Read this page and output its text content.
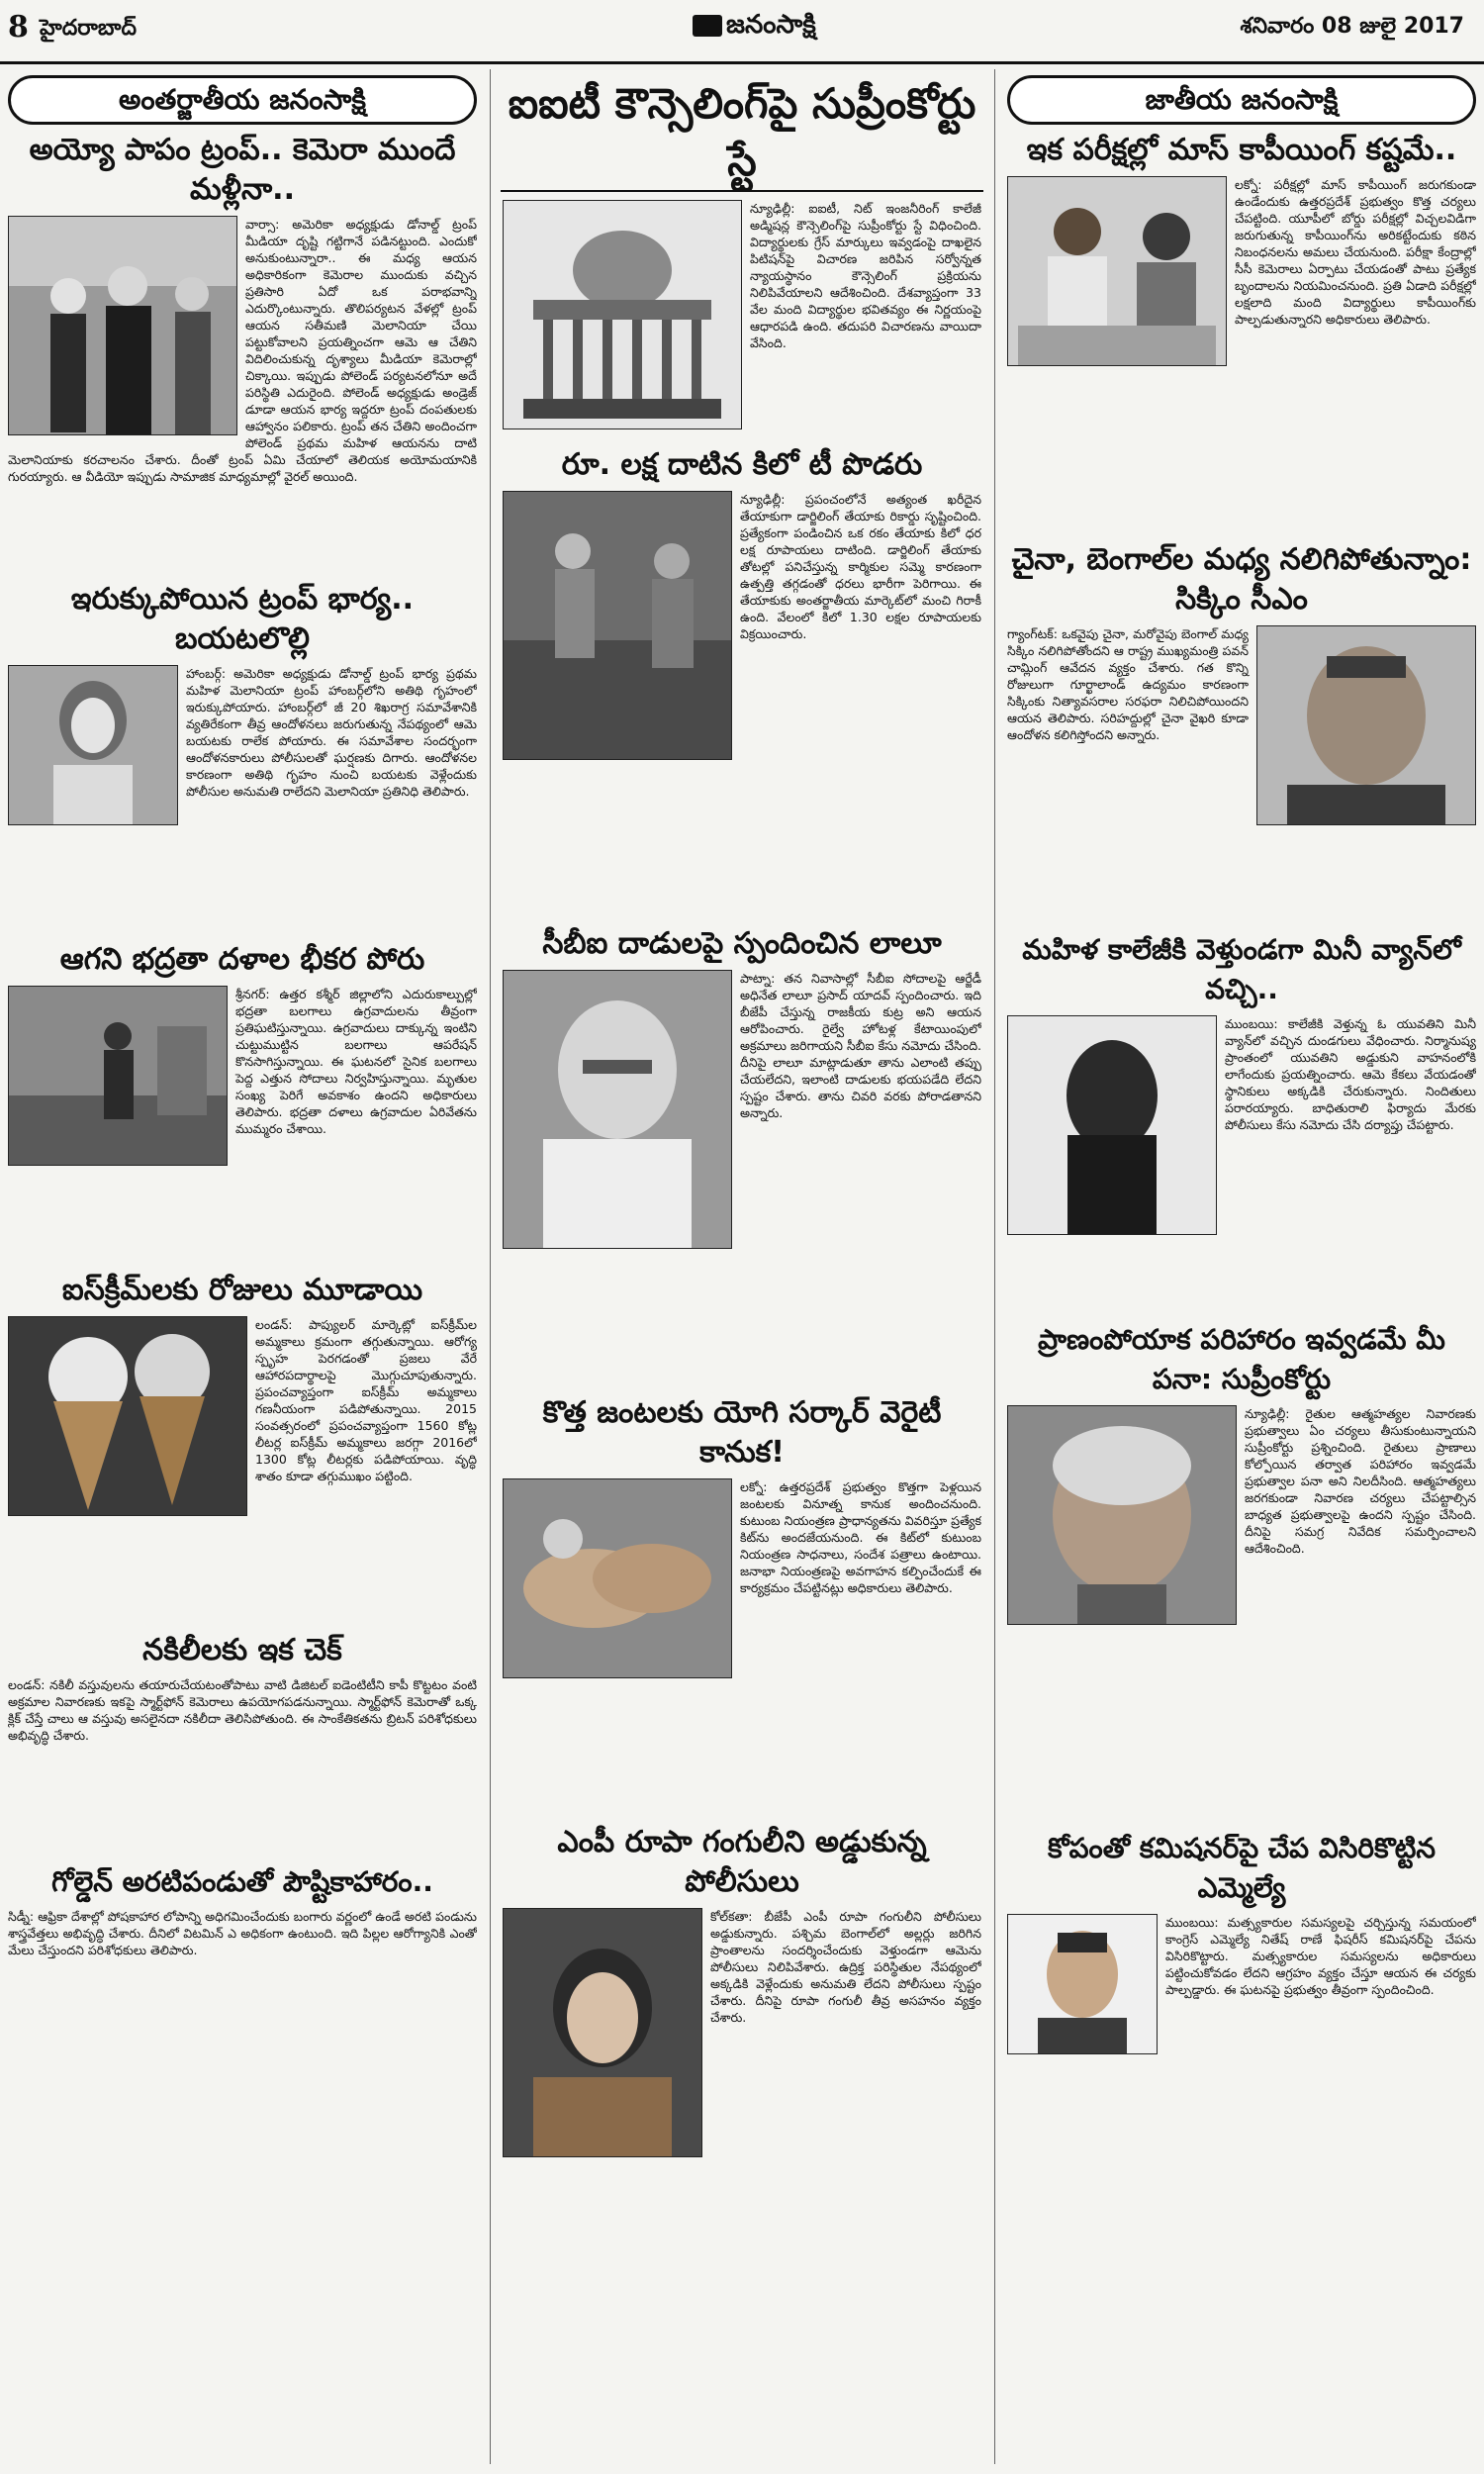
8 హైదరాబాద్	జనంసాక్షి	శనివారం 08 జులై 2017
అంతర్జాతీయ జనంసాక్షి
అయ్యో పాపం ట్రంప్.. కెమెరా ముందే మళ్లీనా..

వార్సా: అమెరికా అధ్యక్షుడు డోనాల్డ్ ట్రంప్ మీడియా దృష్టి గట్టిగానే పడినట్టుంది. ఎందుకో అనుకుంటున్నారా.. ఈ మధ్య ఆయన అధికారికంగా కెమెరాల ముందుకు వచ్చిన ప్రతిసారి ఏదో ఒక పరాభవాన్ని ఎదుర్కొంటున్నారు. తొలిపర్యటన వేళల్లో ట్రంప్ ఆయన సతీమణి మెలానియా చేయి పట్టుకోవాలని ప్రయత్నించగా ఆమె ఆ చేతిని విదిలించుకున్న దృశ్యాలు మీడియా కెమెరాల్లో చిక్కాయి. ఇప్పుడు పోలెండ్ పర్యటనలోనూ అదే పరిస్థితి ఎదురైంది. పోలెండ్ అధ్యక్షుడు అండ్రెజ్ డూడా ఆయన భార్య ఇద్దరూ ట్రంప్ దంపతులకు ఆహ్వానం పలికారు. ట్రంప్ తన చేతిని అందించగా పోలెండ్ ప్రథమ మహిళ ఆయనను దాటి మెలానియాకు కరచాలనం చేశారు. దీంతో ట్రంప్ ఏమి చేయాలో తెలియక అయోమయానికి గురయ్యారు. ఆ వీడియో ఇప్పుడు సామాజిక మాధ్యమాల్లో వైరల్ అయింది.

ఇరుక్కుపోయిన ట్రంప్ భార్య.. బయటలొల్లి

హాంబర్గ్: అమెరికా అధ్యక్షుడు డోనాల్డ్ ట్రంప్ భార్య ప్రథమ మహిళ మెలానియా ట్రంప్ హాంబర్గ్‌లోని అతిథి గృహంలో ఇరుక్కుపోయారు. హాంబర్గ్‌లో జీ 20 శిఖరాగ్ర సమావేశానికి వ్యతిరేకంగా తీవ్ర ఆందోళనలు జరుగుతున్న నేపథ్యంలో ఆమె బయటకు రాలేక పోయారు. ఈ సమావేశాల సందర్భంగా ఆందోళనకారులు పోలీసులతో ఘర్షణకు దిగారు. ఆందోళనల కారణంగా అతిథి గృహం నుంచి బయటకు వెళ్లేందుకు పోలీసుల అనుమతి రాలేదని మెలానియా ప్రతినిధి తెలిపారు.

ఆగని భద్రతా దళాల భీకర పోరు

శ్రీనగర్: ఉత్తర కశ్మీర్ జిల్లాలోని ఎదురుకాల్పుల్లో భద్రతా బలగాలు ఉగ్రవాదులను తీవ్రంగా ప్రతిఘటిస్తున్నాయి. ఉగ్రవాదులు దాక్కున్న ఇంటిని చుట్టుముట్టిన బలగాలు ఆపరేషన్ కొనసాగిస్తున్నాయి. ఈ ఘటనలో సైనిక బలగాలు పెద్ద ఎత్తున సోదాలు నిర్వహిస్తున్నాయి. మృతుల సంఖ్య పెరిగే అవకాశం ఉందని అధికారులు తెలిపారు. భద్రతా దళాలు ఉగ్రవాదుల ఏరివేతను ముమ్మరం చేశాయి.

ఐస్‌క్రీమ్‌లకు రోజులు మూడాయి

లండన్: పాప్యులర్ మార్కెట్లో ఐస్‌క్రీమ్‌ల అమ్మకాలు క్రమంగా తగ్గుతున్నాయి. ఆరోగ్య స్పృహ పెరగడంతో ప్రజలు వేరే ఆహారపదార్థాలపై మొగ్గుచూపుతున్నారు. ప్రపంచవ్యాప్తంగా ఐస్‌క్రీమ్ అమ్మకాలు గణనీయంగా పడిపోతున్నాయి. 2015 సంవత్సరంలో ప్రపంచవ్యాప్తంగా 1560 కోట్ల లీటర్ల ఐస్‌క్రీమ్ అమ్మకాలు జరగ్గా 2016లో 1300 కోట్ల లీటర్లకు పడిపోయాయి. వృద్ధి శాతం కూడా తగ్గుముఖం పట్టింది.

నకిలీలకు ఇక చెక్

లండన్: నకిలీ వస్తువులను తయారుచేయటంతోపాటు వాటి డిజిటల్ ఐడెంటిటీని కాపీ కొట్టటం వంటి అక్రమాల నివారణకు ఇకపై స్మార్ట్‌ఫోన్ కెమెరాలు ఉపయోగపడనున్నాయి. స్మార్ట్‌ఫోన్ కెమెరాతో ఒక్క క్లిక్ చేస్తే చాలు ఆ వస్తువు అసలైనదా నకిలీదా తెలిసిపోతుంది. ఈ సాంకేతికతను బ్రిటన్ పరిశోధకులు అభివృద్ధి చేశారు.

గోల్డెన్ అరటిపండుతో పౌష్టికాహారం..

సిడ్నీ: ఆఫ్రికా దేశాల్లో పోషకాహార లోపాన్ని అధిగమించేందుకు బంగారు వర్ణంలో ఉండే అరటి పండును శాస్త్రవేత్తలు అభివృద్ధి చేశారు. దీనిలో విటమిన్ ఎ అధికంగా ఉంటుంది. ఇది పిల్లల ఆరోగ్యానికి ఎంతో మేలు చేస్తుందని పరిశోధకులు తెలిపారు.

ఐఐటీ కౌన్సెలింగ్‌పై సుప్రీంకోర్టు స్టే

న్యూఢిల్లీ: ఐఐటీ, నిట్ ఇంజనీరింగ్ కాలేజీ అడ్మిషన్ల కౌన్సెలింగ్‌పై సుప్రీంకోర్టు స్టే విధించింది. విద్యార్థులకు గ్రేస్ మార్కులు ఇవ్వడంపై దాఖలైన పిటిషన్‌పై విచారణ జరిపిన సర్వోన్నత న్యాయస్థానం కౌన్సెలింగ్ ప్రక్రియను నిలిపివేయాలని ఆదేశించింది. దేశవ్యాప్తంగా 33 వేల మంది విద్యార్థుల భవితవ్యం ఈ నిర్ణయంపై ఆధారపడి ఉంది. తదుపరి విచారణను వాయిదా వేసింది.

రూ. లక్ష దాటిన కిలో టీ పొడరు

న్యూఢిల్లీ: ప్రపంచంలోనే అత్యంత ఖరీదైన తేయాకుగా డార్జిలింగ్ తేయాకు రికార్డు సృష్టించింది. ప్రత్యేకంగా పండించిన ఒక రకం తేయాకు కిలో ధర లక్ష రూపాయలు దాటింది. డార్జిలింగ్ తేయాకు తోటల్లో పనిచేస్తున్న కార్మికుల సమ్మె కారణంగా ఉత్పత్తి తగ్గడంతో ధరలు భారీగా పెరిగాయి. ఈ తేయాకుకు అంతర్జాతీయ మార్కెట్‌లో మంచి గిరాకీ ఉంది. వేలంలో కిలో 1.30 లక్షల రూపాయలకు విక్రయించారు.

సీబీఐ దాడులపై స్పందించిన లాలూ

పాట్నా: తన నివాసాల్లో సీబీఐ సోదాలపై ఆర్జేడీ అధినేత లాలూ ప్రసాద్ యాదవ్ స్పందించారు. ఇది బీజేపీ చేస్తున్న రాజకీయ కుట్ర అని ఆయన ఆరోపించారు. రైల్వే హోటళ్ల కేటాయింపులో అక్రమాలు జరిగాయని సీబీఐ కేసు నమోదు చేసింది. దీనిపై లాలూ మాట్లాడుతూ తాను ఎలాంటి తప్పు చేయలేదని, ఇలాంటి దాడులకు భయపడేది లేదని స్పష్టం చేశారు. తాను చివరి వరకు పోరాడతానని అన్నారు.

కొత్త జంటలకు యోగి సర్కార్ వెరైటీ కానుక!

లక్నో: ఉత్తరప్రదేశ్ ప్రభుత్వం కొత్తగా పెళ్లయిన జంటలకు వినూత్న కానుక అందించనుంది. కుటుంబ నియంత్రణ ప్రాధాన్యతను వివరిస్తూ ప్రత్యేక కిట్‌ను అందజేయనుంది. ఈ కిట్‌లో కుటుంబ నియంత్రణ సాధనాలు, సందేశ పత్రాలు ఉంటాయి. జనాభా నియంత్రణపై అవగాహన కల్పించేందుకే ఈ కార్యక్రమం చేపట్టినట్లు అధికారులు తెలిపారు.

ఎంపీ రూపా గంగులీని అడ్డుకున్న పోలీసులు

కోల్‌కతా: బీజేపీ ఎంపీ రూపా గంగులీని పోలీసులు అడ్డుకున్నారు. పశ్చిమ బెంగాల్‌లో అల్లర్లు జరిగిన ప్రాంతాలను సందర్శించేందుకు వెళ్తుండగా ఆమెను పోలీసులు నిలిపివేశారు. ఉద్రిక్త పరిస్థితుల నేపథ్యంలో అక్కడికి వెళ్లేందుకు అనుమతి లేదని పోలీసులు స్పష్టం చేశారు. దీనిపై రూపా గంగులీ తీవ్ర అసహనం వ్యక్తం చేశారు.

జాతీయ జనంసాక్షి
ఇక పరీక్షల్లో మాస్ కాపీయింగ్ కష్టమే..

లక్నో: పరీక్షల్లో మాస్ కాపీయింగ్ జరుగకుండా ఉండేందుకు ఉత్తరప్రదేశ్ ప్రభుత్వం కొత్త చర్యలు చేపట్టింది. యూపీలో బోర్డు పరీక్షల్లో విచ్చలవిడిగా జరుగుతున్న కాపీయింగ్‌ను అరికట్టేందుకు కఠిన నిబంధనలను అమలు చేయనుంది. పరీక్షా కేంద్రాల్లో సీసీ కెమెరాలు ఏర్పాటు చేయడంతో పాటు ప్రత్యేక బృందాలను నియమించనుంది. ప్రతి ఏడాది పరీక్షల్లో లక్షలాది మంది విద్యార్థులు కాపీయింగ్‌కు పాల్పడుతున్నారని అధికారులు తెలిపారు.

చైనా, బెంగాల్‌ల మధ్య నలిగిపోతున్నాం: సిక్కిం సీఎం

గ్యాంగ్‌టక్: ఒకవైపు చైనా, మరోవైపు బెంగాల్ మధ్య సిక్కిం నలిగిపోతోందని ఆ రాష్ట్ర ముఖ్యమంత్రి పవన్ చామ్లింగ్ ఆవేదన వ్యక్తం చేశారు. గత కొన్ని రోజులుగా గూర్ఖాలాండ్ ఉద్యమం కారణంగా సిక్కింకు నిత్యావసరాల సరఫరా నిలిచిపోయిందని ఆయన తెలిపారు. సరిహద్దుల్లో చైనా వైఖరి కూడా ఆందోళన కలిగిస్తోందని అన్నారు.

మహిళ కాలేజీకి వెళ్తుండగా మినీ వ్యాన్‌లో వచ్చి..

ముంబయి: కాలేజీకి వెళ్తున్న ఓ యువతిని మినీ వ్యాన్‌లో వచ్చిన దుండగులు వేధించారు. నిర్మానుష్య ప్రాంతంలో యువతిని అడ్డుకుని వాహనంలోకి లాగేందుకు ప్రయత్నించారు. ఆమె కేకలు వేయడంతో స్థానికులు అక్కడికి చేరుకున్నారు. నిందితులు పరారయ్యారు. బాధితురాలి ఫిర్యాదు మేరకు పోలీసులు కేసు నమోదు చేసి దర్యాప్తు చేపట్టారు.

ప్రాణంపోయాక పరిహారం ఇవ్వడమే మీ పనా: సుప్రీంకోర్టు

న్యూఢిల్లీ: రైతుల ఆత్మహత్యల నివారణకు ప్రభుత్వాలు ఏం చర్యలు తీసుకుంటున్నాయని సుప్రీంకోర్టు ప్రశ్నించింది. రైతులు ప్రాణాలు కోల్పోయిన తర్వాత పరిహారం ఇవ్వడమే ప్రభుత్వాల పనా అని నిలదీసింది. ఆత్మహత్యలు జరగకుండా నివారణ చర్యలు చేపట్టాల్సిన బాధ్యత ప్రభుత్వాలపై ఉందని స్పష్టం చేసింది. దీనిపై సమగ్ర నివేదిక సమర్పించాలని ఆదేశించింది.

కోపంతో కమిషనర్‌పై చేప విసిరికొట్టిన ఎమ్మెల్యే

ముంబయి: మత్స్యకారుల సమస్యలపై చర్చిస్తున్న సమయంలో కాంగ్రెస్ ఎమ్మెల్యే నితేష్ రాణే ఫిషరీస్ కమిషనర్‌పై చేపను విసిరికొట్టారు. మత్స్యకారుల సమస్యలను అధికారులు పట్టించుకోవడం లేదని ఆగ్రహం వ్యక్తం చేస్తూ ఆయన ఈ చర్యకు పాల్పడ్డారు. ఈ ఘటనపై ప్రభుత్వం తీవ్రంగా స్పందించింది.
